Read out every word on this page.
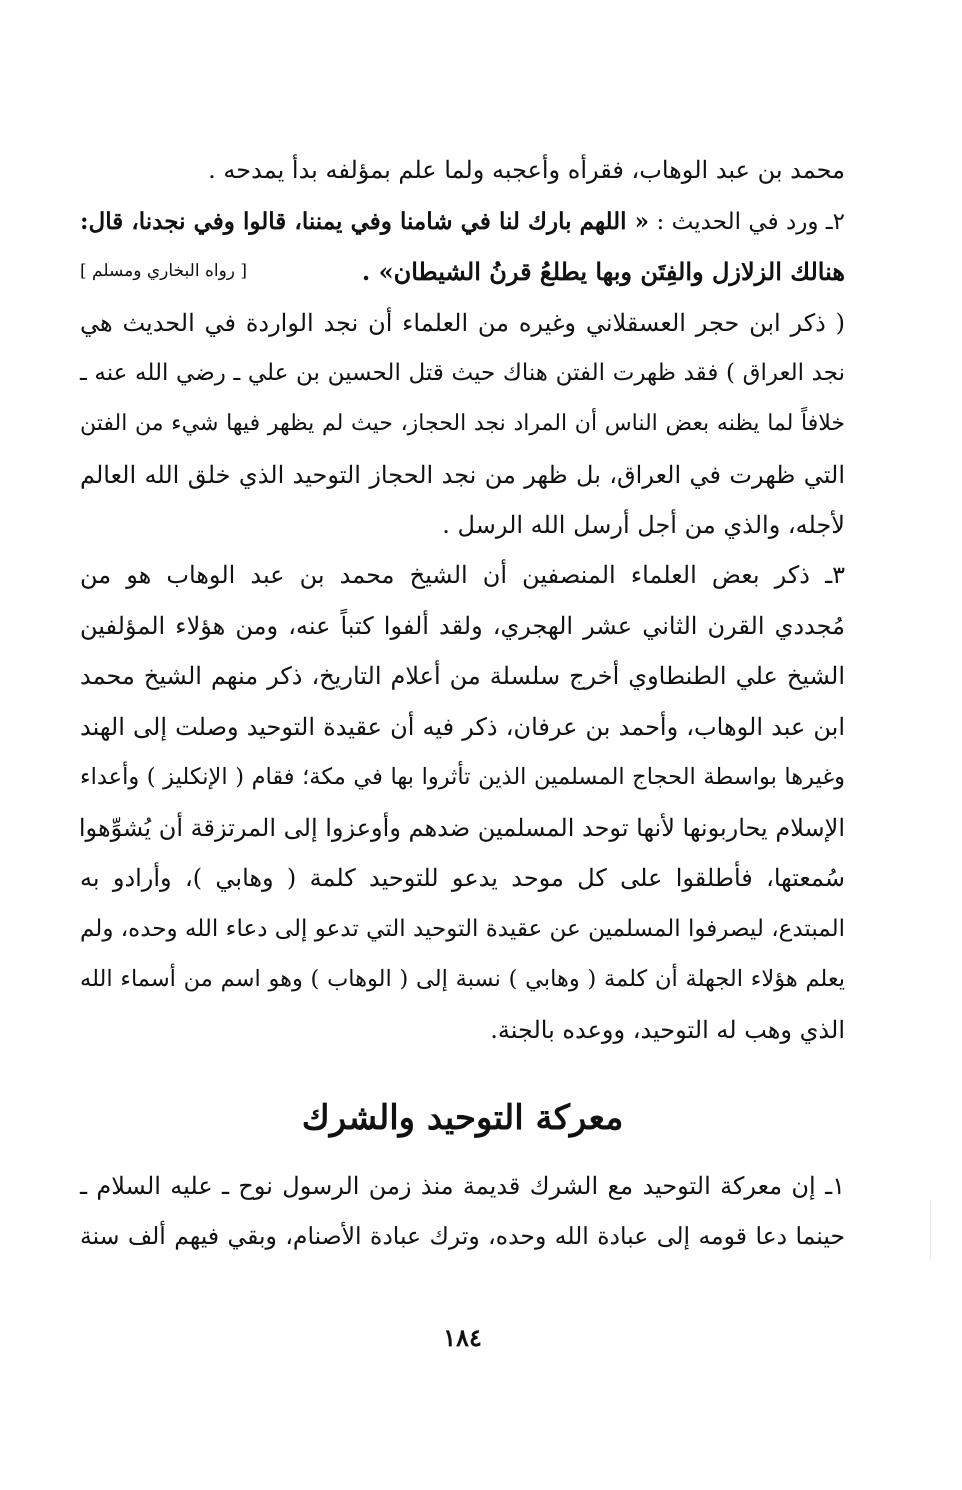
محمد بن عبد الوهاب، فقرأه وأعجبه ولما علم بمؤلفه بدأ يمدحه .
٢ـ ورد في الحديث : « اللهم بارك لنا في شامنا وفي يمننا، قالوا وفي نجدنا، قال:
هنالك الزلازل والفِتَن وبها يطلعُ قرنُ الشيطان» .
[ رواه البخاري ومسلم ]
( ذكر ابن حجر العسقلاني وغيره من العلماء أن نجد الواردة في الحديث هي
نجد العراق ) فقد ظهرت الفتن هناك حيث قتل الحسين بن علي ـ رضي الله عنه ـ
خلافاً لما يظنه بعض الناس أن المراد نجد الحجاز، حيث لم يظهر فيها شيء من الفتن
التي ظهرت في العراق، بل ظهر من نجد الحجاز التوحيد الذي خلق الله العالم
لأجله، والذي من أجل أرسل الله الرسل .
٣ـ ذكر بعض العلماء المنصفين أن الشيخ محمد بن عبد الوهاب هو من
مُجددي القرن الثاني عشر الهجري، ولقد ألفوا كتباً عنه، ومن هؤلاء المؤلفين
الشيخ علي الطنطاوي أخرج سلسلة من أعلام التاريخ، ذكر منهم الشيخ محمد
ابن عبد الوهاب، وأحمد بن عرفان، ذكر فيه أن عقيدة التوحيد وصلت إلى الهند
وغيرها بواسطة الحجاج المسلمين الذين تأثروا بها في مكة؛ فقام ( الإنكليز ) وأعداء
الإسلام يحاربونها لأنها توحد المسلمين ضدهم وأوعزوا إلى المرتزقة أن يُشوِّهوا
سُمعتها، فأطلقوا على كل موحد يدعو للتوحيد كلمة ( وهابي )، وأرادو به
المبتدع، ليصرفوا المسلمين عن عقيدة التوحيد التي تدعو إلى دعاء الله وحده، ولم
يعلم هؤلاء الجهلة أن كلمة ( وهابي ) نسبة إلى ( الوهاب ) وهو اسم من أسماء الله
الذي وهب له التوحيد، ووعده بالجنة.
معركة التوحيد والشرك
١ـ إن معركة التوحيد مع الشرك قديمة منذ زمن الرسول نوح ـ عليه السلام ـ
حينما دعا قومه إلى عبادة الله وحده، وترك عبادة الأصنام، وبقي فيهم ألف سنة
١٨٤
